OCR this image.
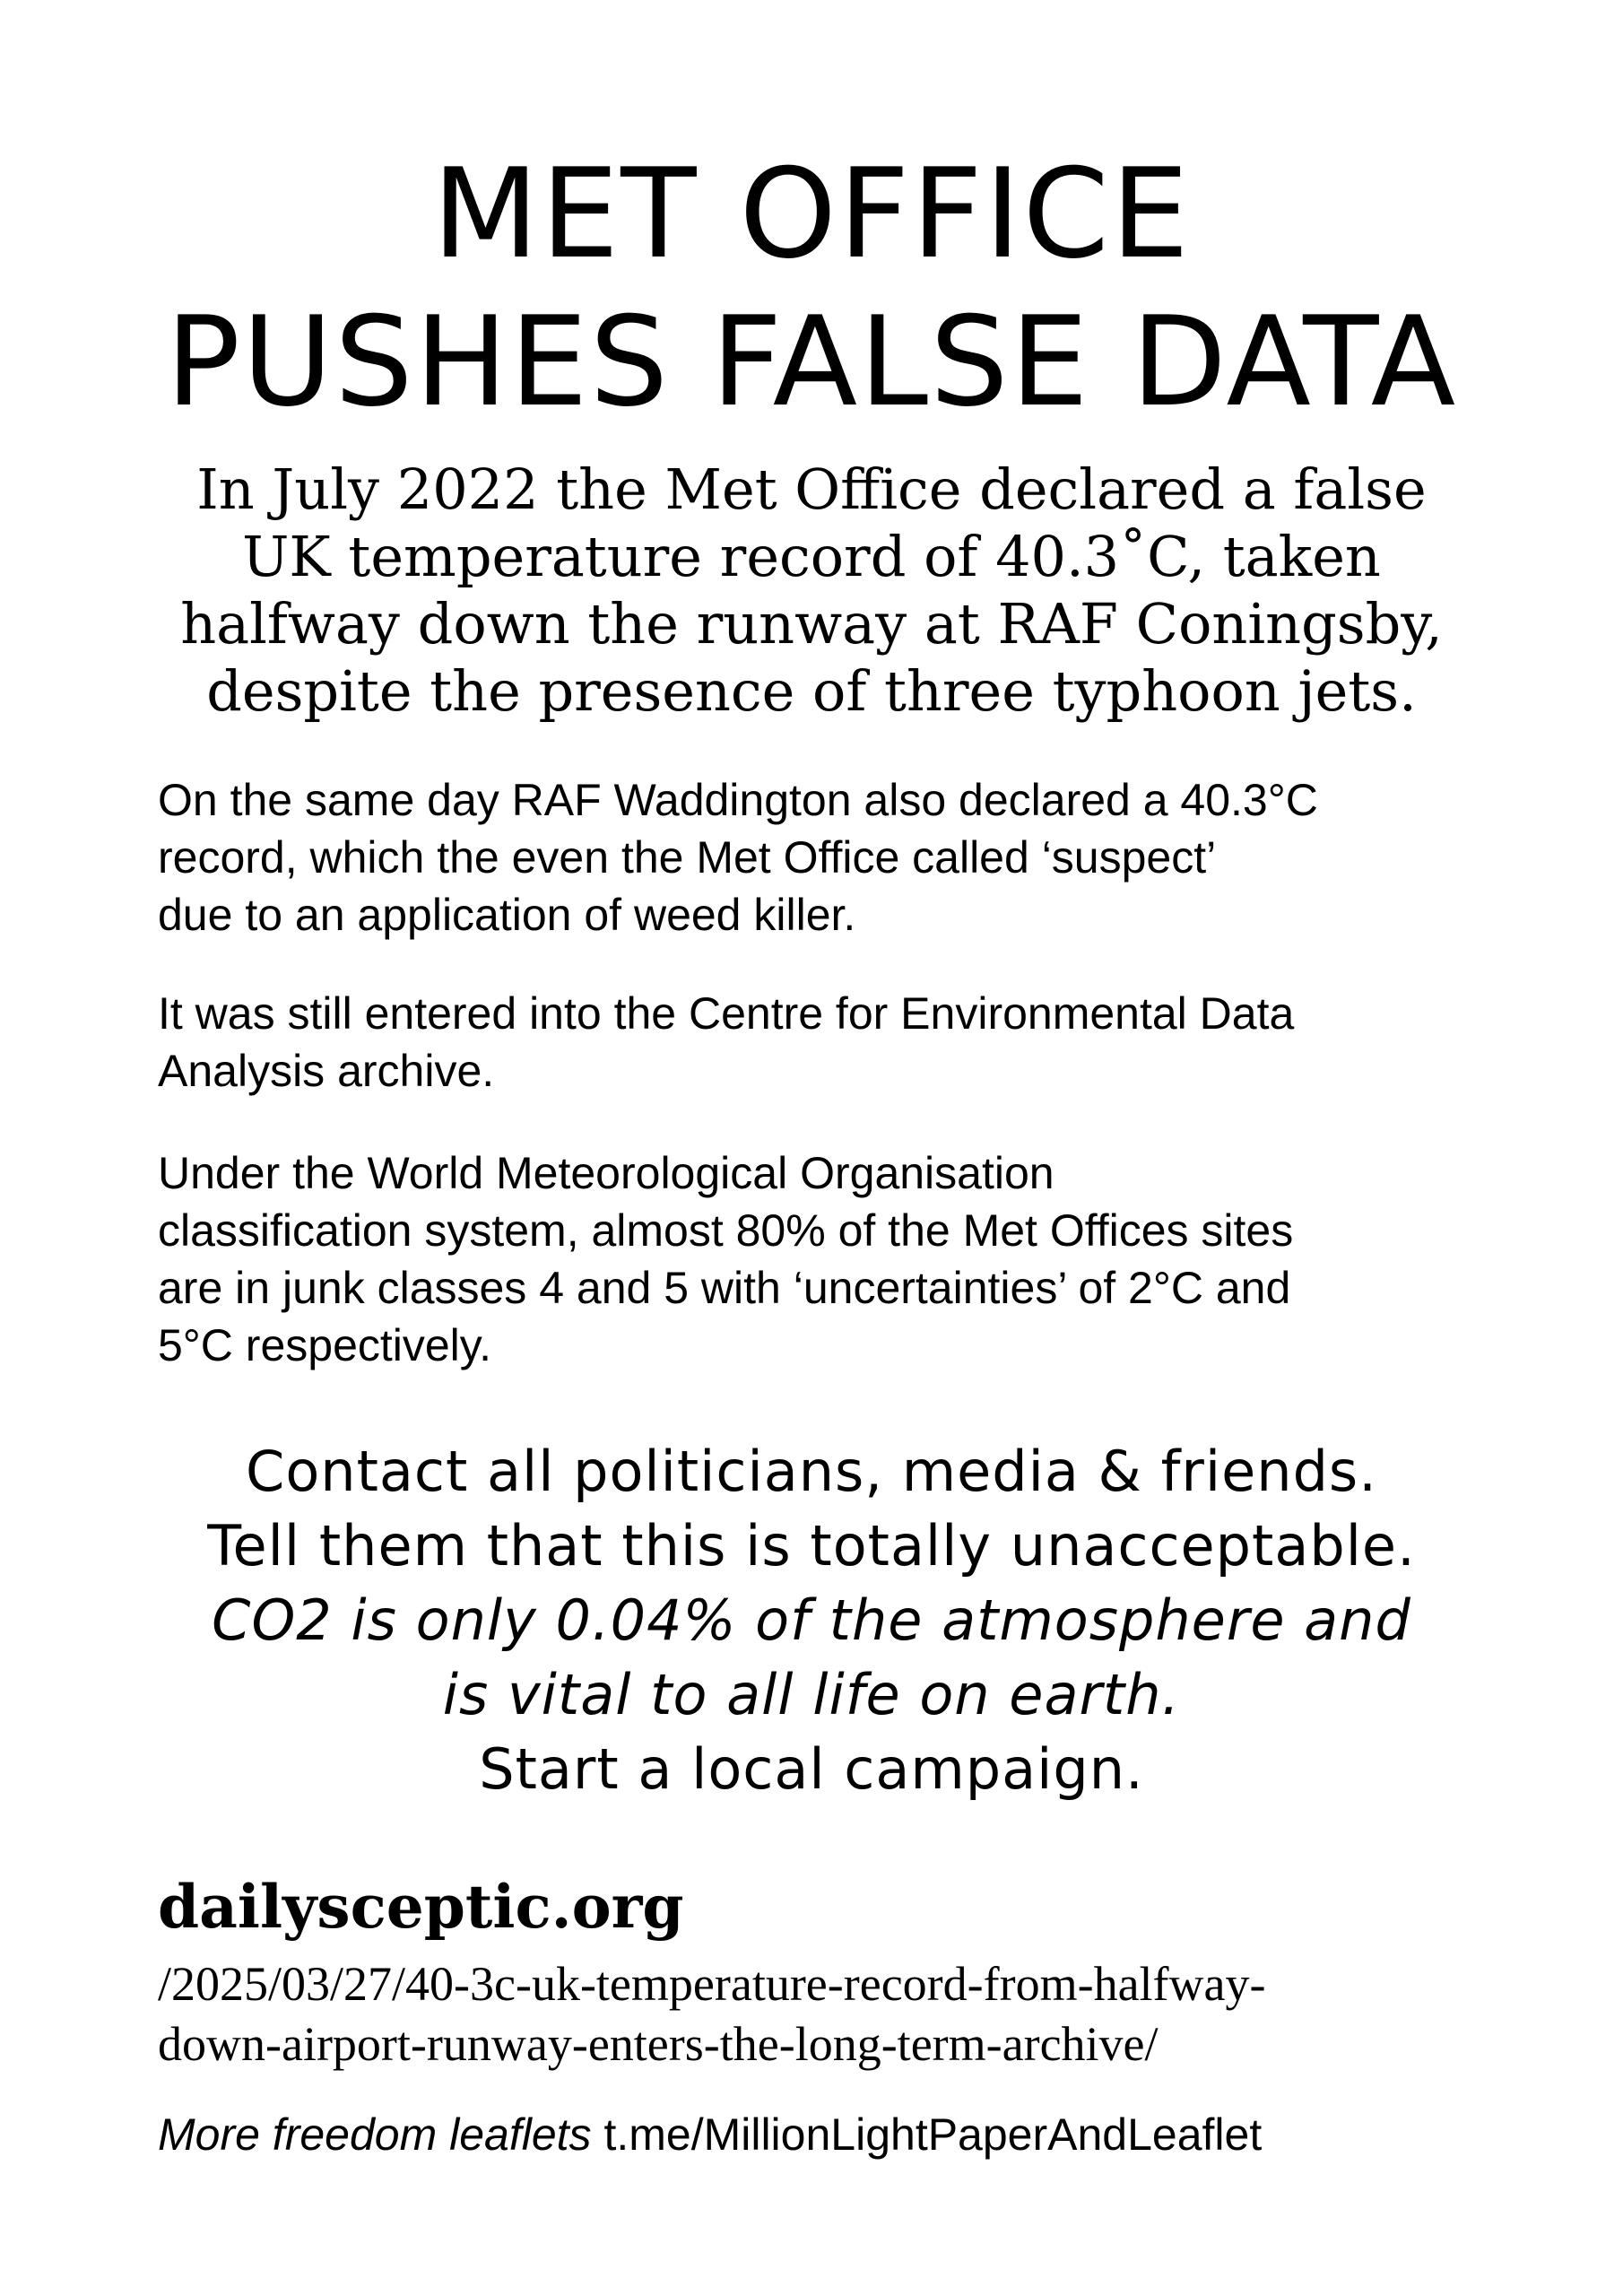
MET OFFICE
PUSHES FALSE DATA
In July 2022 the Met Office declared a false
UK temperature record of 40.3˚C, taken
halfway down the runway at RAF Coningsby,
despite the presence of three typhoon jets.
On the same day RAF Waddington also declared a 40.3°C
record, which the even the Met Office called ‘suspect’
due to an application of weed killer.
It was still entered into the Centre for Environmental Data
Analysis archive.
Under the World Meteorological Organisation
classification system, almost 80% of the Met Offices sites
are in junk classes 4 and 5 with ‘uncertainties’ of 2°C and
5°C respectively.
Contact all politicians, media & friends.
Tell them that this is totally unacceptable.
CO2 is only 0.04% of the atmosphere and
is vital to all life on earth.
Start a local campaign.
dailysceptic.org
/2025/03/27/40-3c-uk-temperature-record-from-halfway-
down-airport-runway-enters-the-long-term-archive/
More freedom leaflets t.me/MillionLightPaperAndLeaflet
